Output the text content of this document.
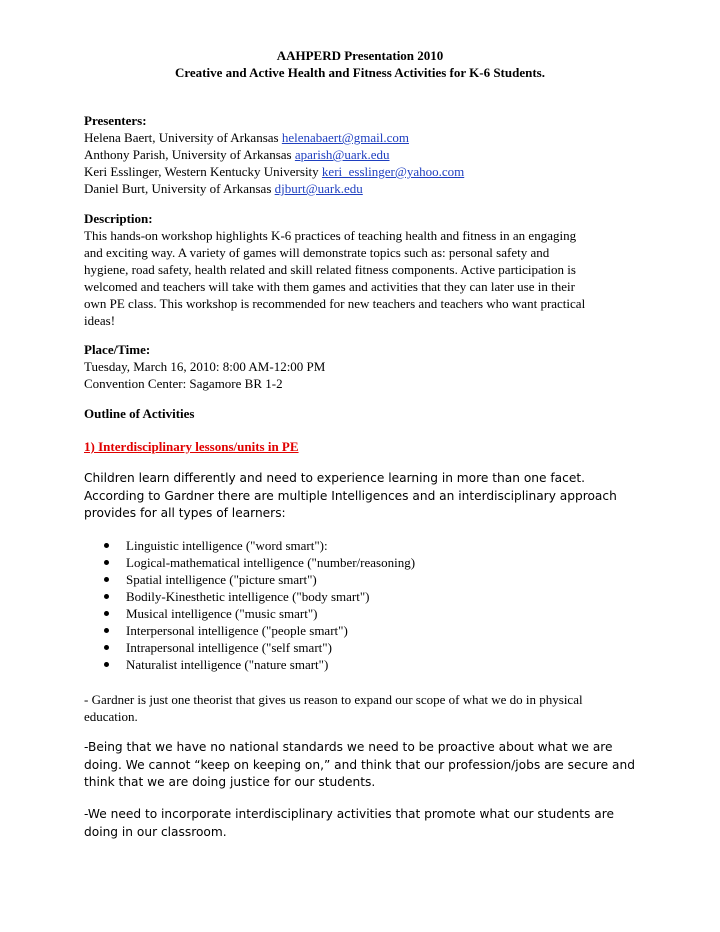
AAHPERD Presentation 2010
Creative and Active Health and Fitness Activities for K-6 Students.
Presenters:
Helena Baert, University of Arkansas helenabaert@gmail.com
Anthony Parish, University of Arkansas aparish@uark.edu
Keri Esslinger, Western Kentucky University keri_esslinger@yahoo.com
Daniel Burt, University of Arkansas djburt@uark.edu
Description:
This hands-on workshop highlights K-6 practices of teaching health and fitness in an engaging
and exciting way. A variety of games will demonstrate topics such as: personal safety and
hygiene, road safety, health related and skill related fitness components. Active participation is
welcomed and teachers will take with them games and activities that they can later use in their
own PE class. This workshop is recommended for new teachers and teachers who want practical
ideas!
Place/Time:
Tuesday, March 16, 2010: 8:00 AM-12:00 PM
Convention Center: Sagamore BR 1-2
Outline of Activities
1) Interdisciplinary lessons/units in PE
Children learn differently and need to experience learning in more than one facet.
According to Gardner there are multiple Intelligences and an interdisciplinary approach
provides for all types of learners:
Linguistic intelligence ("word smart"):
Logical-mathematical intelligence ("number/reasoning)
Spatial intelligence ("picture smart")
Bodily-Kinesthetic intelligence ("body smart")
Musical intelligence ("music smart")
Interpersonal intelligence ("people smart")
Intrapersonal intelligence ("self smart")
Naturalist intelligence ("nature smart")
- Gardner is just one theorist that gives us reason to expand our scope of what we do in physical
education.
-Being that we have no national standards we need to be proactive about what we are
doing. We cannot “keep on keeping on,” and think that our profession/jobs are secure and
think that we are doing justice for our students.
-We need to incorporate interdisciplinary activities that promote what our students are
doing in our classroom.
